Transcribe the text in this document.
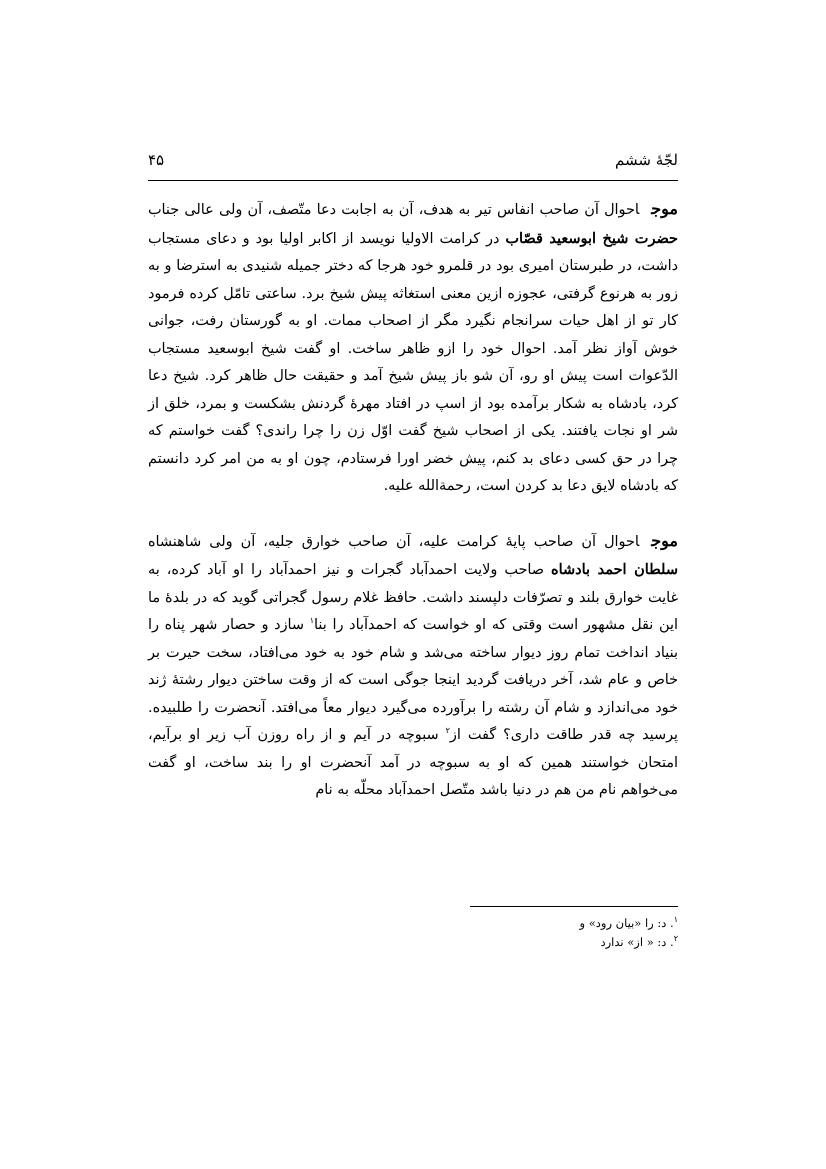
لجّهٔ ششم
۴۵

موجاحوال آن صاحب انفاس تیر به هدف، آن به اجابت دعا متّصف، آن ولی عالی جناب حضرت شیخ ابوسعید قصّاب در کرامت الاولیا نویسد از اکابر اولیا بود و دعای مستجاب داشت، در طبرستان امیری بود در قلمرو خود هرجا که دختر جمیله شنیدی به استرضا و به زور به هرنوع گرفتی، عجوزه ازین معنی استغاثه پیش شیخ برد. ساعتی تامّل کرده فرمود کار تو از اهل حیات سرانجام نگیرد مگر از اصحاب ممات. او به گورستان رفت، جوانی خوش آواز نظر آمد. احوال خود را ازو ظاهر ساخت. او گفت شیخ ابوسعید مستجاب الدّعوات است پیش او رو، آن شو باز پیش شیخ آمد و حقیقت حال ظاهر کرد. شیخ دعا کرد، بادشاه به شکار برآمده بود از اسپ در افتاد مهرهٔ گردنش بشکست و بمرد، خلق از شر او نجات یافتند. یکی از اصحاب شیخ گفت اوّل زن را چرا راندی؟ گفت خواستم که چرا در حق کسی دعای بد کنم، پیش خضر اورا فرستادم، چون او به من امر کرد دانستم که بادشاه لایق دعا بد کردن است، رحمةالله علیه.

موجاحوال آن صاحب پایهٔ کرامت علیه، آن صاحب خوارق جلیه، آن ولی شاهنشاه سلطان احمد بادشاه صاحب ولایت احمدآباد گجرات و نیز احمدآباد را او آباد کرده، به غایت خوارق بلند و تصرّفات دلپسند داشت. حافظ غلام رسول گجراتی گوید که در بلدهٔ ما این نقل مشهور است وقتی که او خواست که احمدآباد را بنا$^۱$ سازد و حصار شهر پناه را بنیاد انداخت تمام روز دیوار ساخته می‌شد و شام خود به خود می‌افتاد، سخت حیرت بر خاص و عام شد، آخر دریافت گردید اینجا جوگی است که از وقت ساختن دیوار رشتهٔ ژند خود می‌اندازد و شام آن رشته را برآورده می‌گیرد دیوار معاً می‌افتد. آنحضرت را طلبیده. پرسید چه قدر طاقت داری؟ گفت از$^۲$ سبوچه در آیم و از راه روزن آب زیر او برآیم، امتحان خواستند همین که او به سبوچه در آمد آنحضرت او را بند ساخت، او گفت می‌خواهم نام من هم در دنیا باشد متّصل احمدآباد محلّه به نام

$^۱$. د: را «بیان رود» و

$^۲$. د: « از» ندارد
